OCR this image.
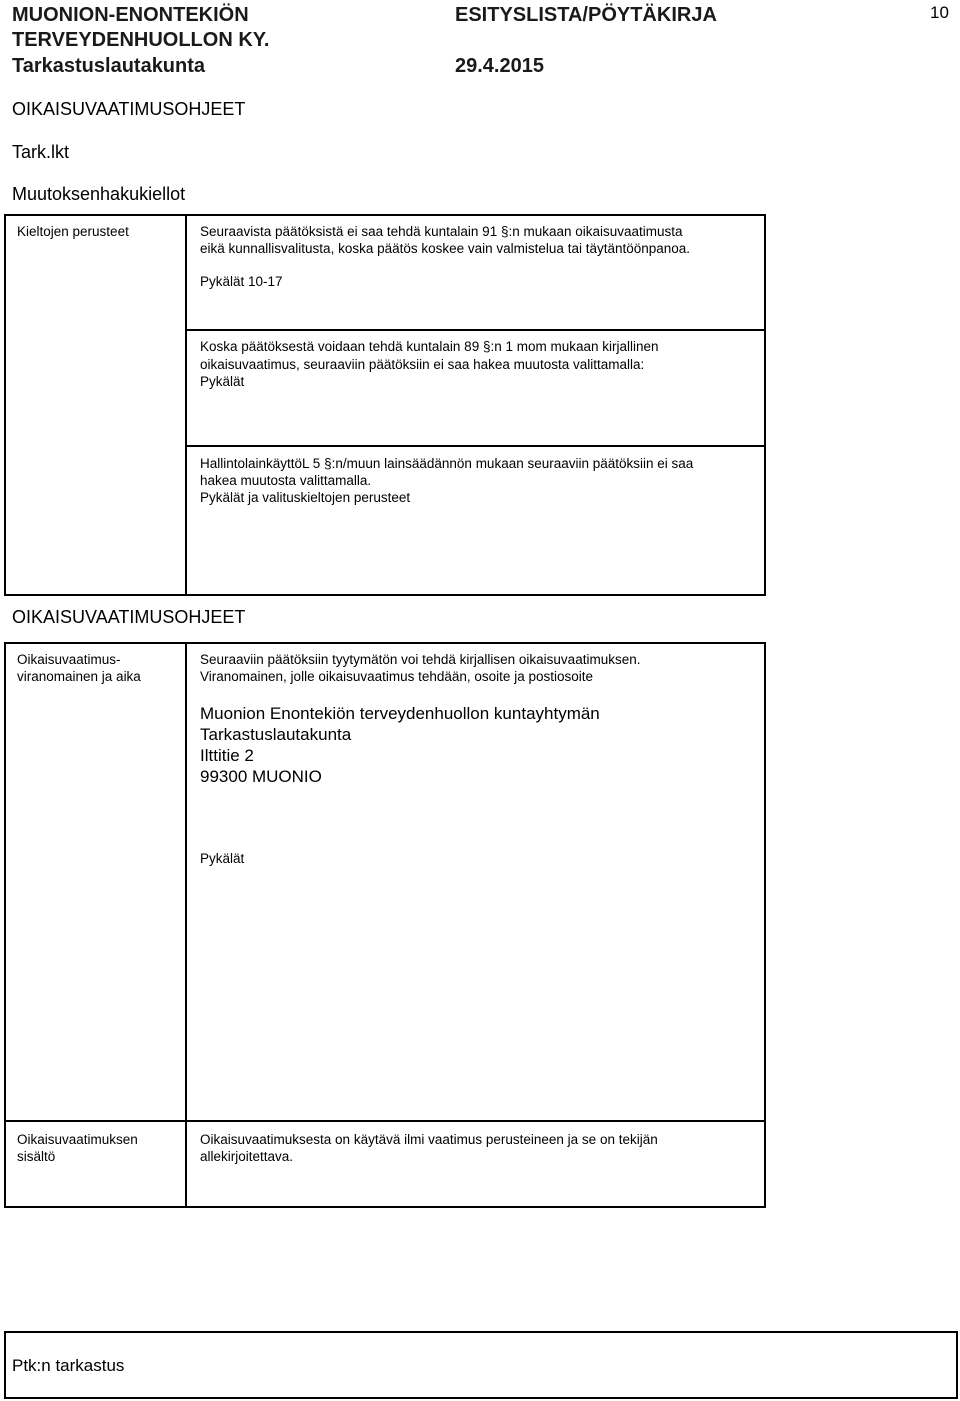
MUONION-ENONTEKIÖN
TERVEYDENHUOLLON KY.
Tarkastuslautakunta
ESITYSLISTA/PÖYTÄKIRJA
29.4.2015
10
OIKAISUVAATIMUSOHJEET
Tark.lkt
Muutoksenhakukiellot
Kieltojen perusteet	Seuraavista päätöksistä ei saa tehdä kuntalain 91 §:n mukaan oikaisuvaatimusta
eikä kunnallisvalitusta, koska päätös koskee vain valmistelua tai täytäntöönpanoa.
Pykälät 10-17
Koska päätöksestä voidaan tehdä kuntalain 89 §:n 1 mom mukaan kirjallinen
oikaisuvaatimus, seuraaviin päätöksiin ei saa hakea muutosta valittamalla:
Pykälät
HallintolainkäyttöL 5 §:n/muun lainsäädännön mukaan seuraaviin päätöksiin ei saa
hakea muutosta valittamalla.
Pykälät ja valituskieltojen perusteet
OIKAISUVAATIMUSOHJEET
Oikaisuvaatimus-
viranomainen ja aika
Seuraaviin päätöksiin tyytymätön voi tehdä kirjallisen oikaisuvaatimuksen.
Viranomainen, jolle oikaisuvaatimus tehdään, osoite ja postiosoite
Muonion Enontekiön terveydenhuollon kuntayhtymän
Tarkastuslautakunta
Ilttitie 2
99300 MUONIO
Pykälät
Oikaisuvaatimuksen
sisältö
Oikaisuvaatimuksesta on käytävä ilmi vaatimus perusteineen ja se on tekijän
allekirjoitettava.
Ptk:n tarkastus
